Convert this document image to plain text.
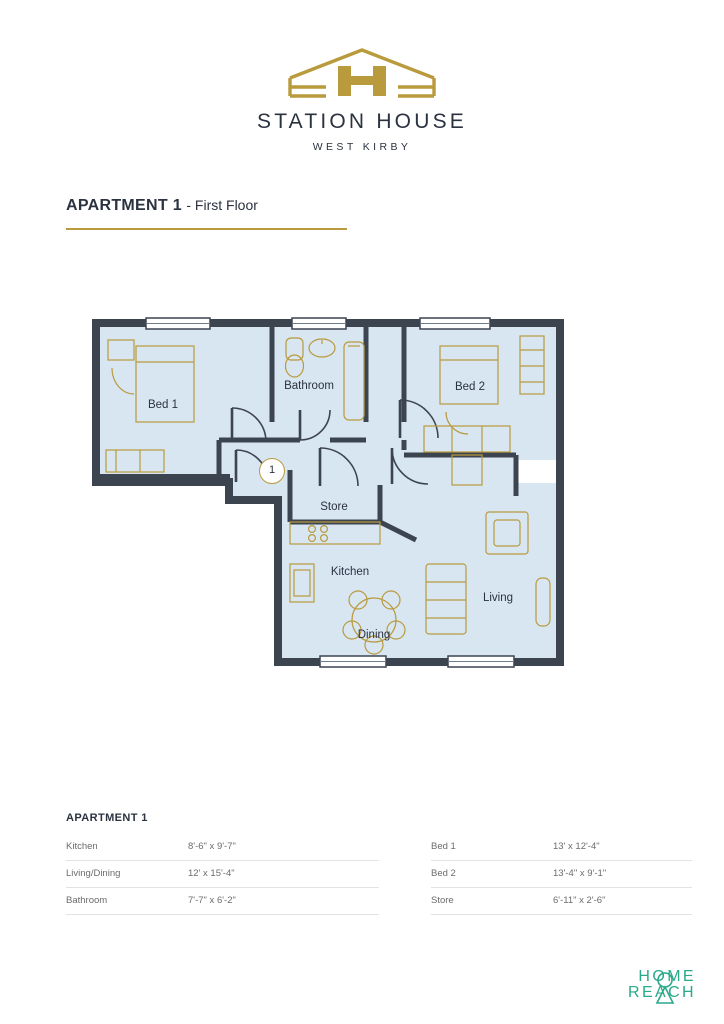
STATION HOUSE
WEST KIRBY
APARTMENT 1 - First Floor
Bed 1
Bathroom	Bed 2
Store
Kitchen
Dining
Living
1
APARTMENT 1
Kitchen	8'-6" x 9'-7"
Living/Dining	12' x 15'-4"
Bathroom	7'-7" x 6'-2"
Bed 1	13' x 12'-4"
Bed 2	13'-4" x 9'-1"
Store	6'-11" x 2'-6"
HOME
REACH
